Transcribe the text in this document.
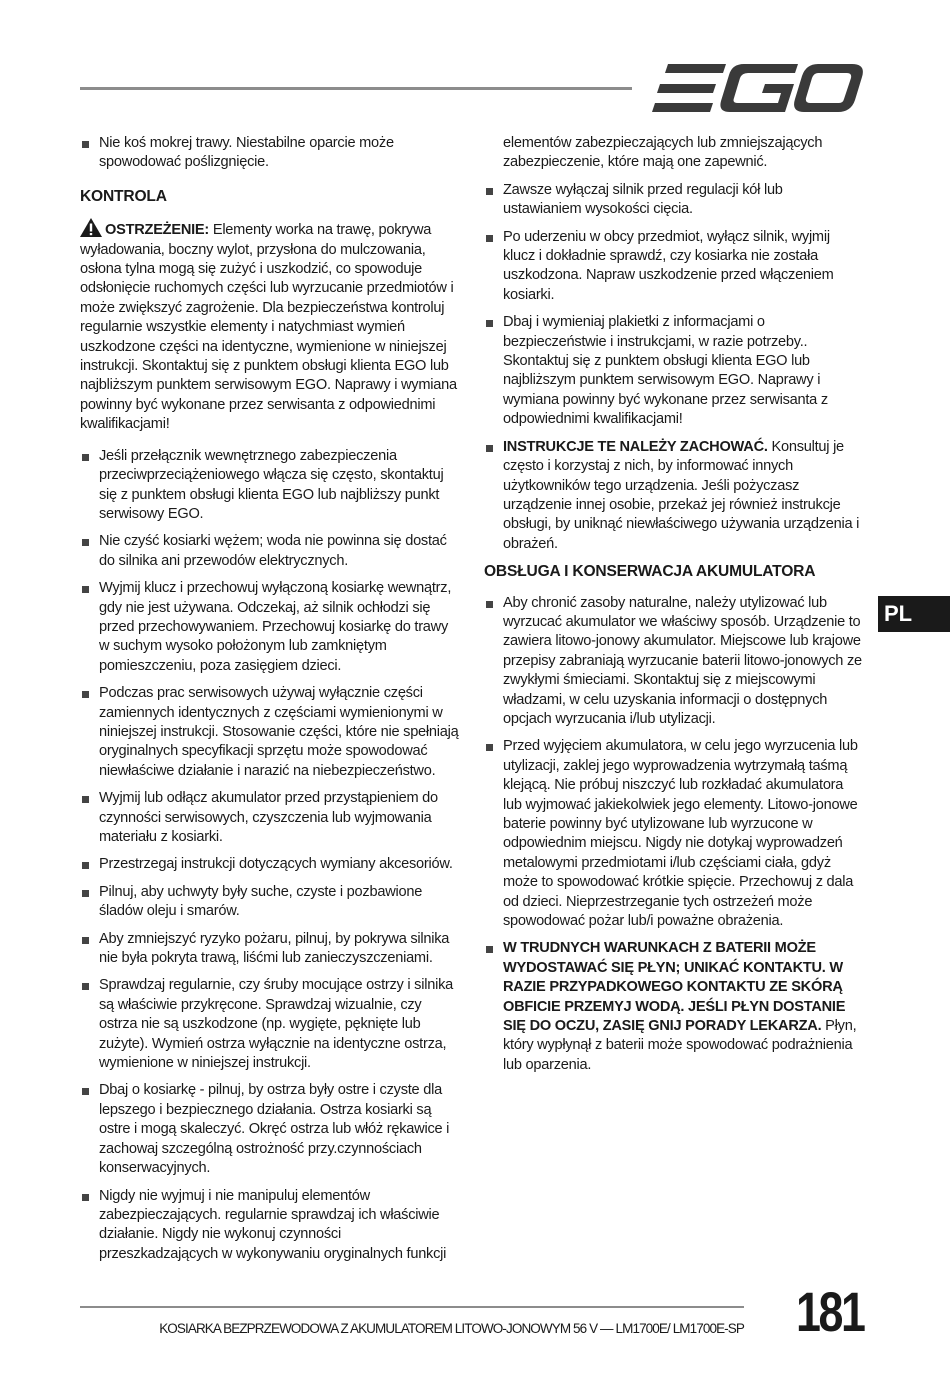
Nie koś mokrej trawy. Niestabilne oparcie może spowodować poślizgnięcie.
KONTROLA
OSTRZEŻENIE: Elementy worka na trawę, pokrywa wyładowania, boczny wylot, przysłona do mulczowania, osłona tylna mogą się zużyć i uszkodzić, co spowoduje odsłonięcie ruchomych części lub wyrzucanie przedmiotów i może zwiększyć zagrożenie. Dla bezpieczeństwa kontroluj regularnie wszystkie elementy i natychmiast wymień uszkodzone części na identyczne, wymienione w niniejszej instrukcji. Skontaktuj się z punktem obsługi klienta EGO lub najbliższym punktem serwisowym EGO. Naprawy i wymiana powinny być wykonane przez serwisanta z odpowiednimi kwalifikacjami!
Jeśli przełącznik wewnętrznego zabezpieczenia przeciwprzeciążeniowego włącza się często, skontaktuj się z punktem obsługi klienta EGO lub najbliższy punkt serwisowy EGO.
Nie czyść kosiarki wężem; woda nie powinna się dostać do silnika ani przewodów elektrycznych.
Wyjmij klucz i przechowuj wyłączoną kosiarkę wewnątrz, gdy nie jest używana. Odczekaj, aż silnik ochłodzi się przed przechowywaniem. Przechowuj kosiarkę do trawy w suchym wysoko położonym lub zamkniętym pomieszczeniu, poza zasięgiem dzieci.
Podczas prac serwisowych używaj wyłącznie części zamiennych identycznych z częściami wymienionymi w niniejszej instrukcji. Stosowanie części, które nie spełniają oryginalnych specyfikacji sprzętu może spowodować niewłaściwe działanie i narazić na niebezpieczeństwo.
Wyjmij lub odłącz akumulator przed przystąpieniem do czynności serwisowych, czyszczenia lub wyjmowania materiału z kosiarki.
Przestrzegaj instrukcji dotyczących wymiany akcesoriów.
Pilnuj, aby uchwyty były suche, czyste i pozbawione śladów oleju i smarów.
Aby zmniejszyć ryzyko pożaru, pilnuj, by pokrywa silnika nie była pokryta trawą, liśćmi lub zanieczyszczeniami.
Sprawdzaj regularnie, czy śruby mocujące ostrzy i silnika są właściwie przykręcone. Sprawdzaj wizualnie, czy ostrza nie są uszkodzone (np. wygięte, pęknięte lub zużyte). Wymień ostrza wyłącznie na identyczne ostrza, wymienione w niniejszej instrukcji.
Dbaj o kosiarkę - pilnuj, by ostrza były ostre i czyste dla lepszego i bezpiecznego działania. Ostrza kosiarki są ostre i mogą skaleczyć. Okręć ostrza lub włóż rękawice i zachowaj szczególną ostrożność przy.czynnościach konserwacyjnych.
Nigdy nie wyjmuj i nie manipuluj elementów zabezpieczających. regularnie sprawdzaj ich właściwie działanie. Nigdy nie wykonuj czynności przeszkadzających w wykonywaniu oryginalnych funkcji
elementów zabezpieczających lub zmniejszających zabezpieczenie, które mają one zapewnić.
Zawsze wyłączaj silnik przed regulacji kół lub ustawianiem wysokości cięcia.
Po uderzeniu w obcy przedmiot, wyłącz silnik, wyjmij klucz i dokładnie sprawdź, czy kosiarka nie została uszkodzona. Napraw uszkodzenie przed włączeniem kosiarki.
Dbaj i wymieniaj plakietki z informacjami o bezpieczeństwie i instrukcjami, w razie potrzeby.. Skontaktuj się z punktem obsługi klienta EGO lub najbliższym punktem serwisowym EGO. Naprawy i wymiana powinny być wykonane przez serwisanta z odpowiednimi kwalifikacjami!
INSTRUKCJE TE NALEŻY ZACHOWAĆ. Konsultuj je często i korzystaj z nich, by informować innych użytkowników tego urządzenia. Jeśli pożyczasz urządzenie innej osobie, przekaż jej również instrukcje obsługi, by uniknąć niewłaściwego używania urządzenia i obrażeń.
OBSŁUGA I KONSERWACJA AKUMULATORA
Aby chronić zasoby naturalne, należy utylizować lub wyrzucać akumulator we właściwy sposób. Urządzenie to zawiera litowo-jonowy akumulator. Miejscowe lub krajowe przepisy zabraniają wyrzucanie baterii litowo-jonowych ze zwykłymi śmieciami. Skontaktuj się z miejscowymi władzami, w celu uzyskania informacji o dostępnych opcjach wyrzucania i/lub utylizacji.
Przed wyjęciem akumulatora, w celu jego wyrzucenia lub utylizacji, zaklej jego wyprowadzenia wytrzymałą taśmą klejącą. Nie próbuj niszczyć lub rozkładać akumulatora lub wyjmować jakiekolwiek jego elementy. Litowo-jonowe baterie powinny być utylizowane lub wyrzucone w odpowiednim miejscu. Nigdy nie dotykaj wyprowadzeń metalowymi przedmiotami i/lub częściami ciała, gdyż może to spowodować krótkie spięcie. Przechowuj z dala od dzieci. Nieprzestrzeganie tych ostrzeżeń może spowodować pożar lub/i poważne obrażenia.
W TRUDNYCH WARUNKACH Z BATERII MOŻE WYDOSTAWAĆ SIĘ PŁYN; UNIKAĆ KONTAKTU. W RAZIE PRZYPADKOWEGO KONTAKTU ZE SKÓRĄ OBFICIE PRZEMYJ WODĄ. JEŚLI PŁYN DOSTANIE SIĘ DO OCZU, ZASIĘ GNIJ PORADY LEKARZA. Płyn, który wypłynął z baterii może spowodować podrażnienia lub oparzenia.
PL
KOSIARKA BEZPRZEWODOWA Z AKUMULATOREM LITOWO-JONOWYM 56 V — LM1700E/ LM1700E-SP 181
